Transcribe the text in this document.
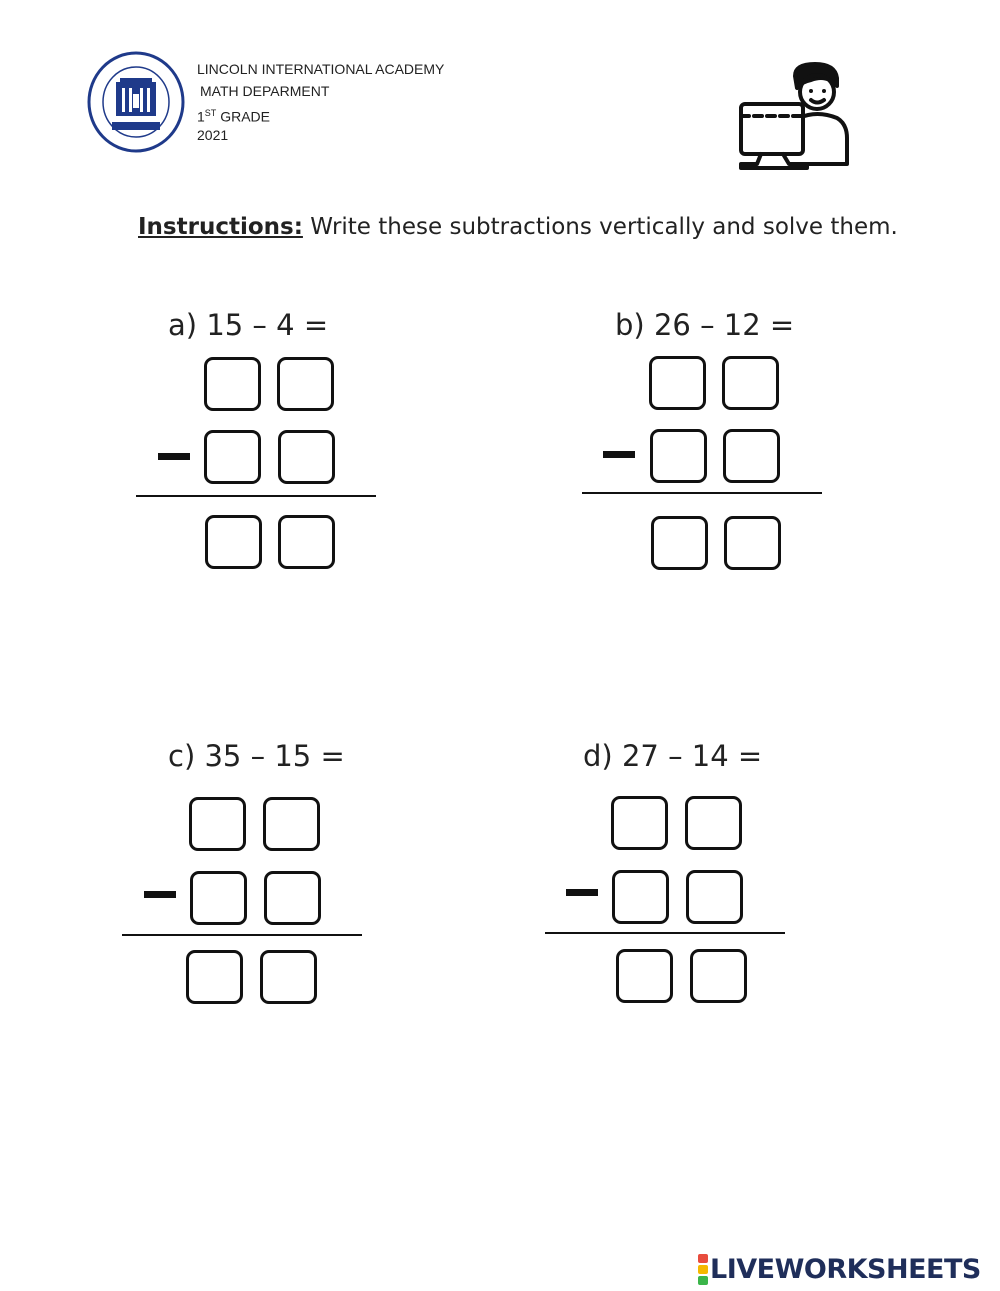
LINCOLN INTERNATIONAL ACADEMY
MATH DEPARMENT
1ST GRADE
2021
Instructions: Write these subtractions vertically and solve them.
a) 15 – 4 =	b) 26 – 12 =
c) 35 – 15 =	d) 27 – 14 =
LIVEWORKSHEETS
